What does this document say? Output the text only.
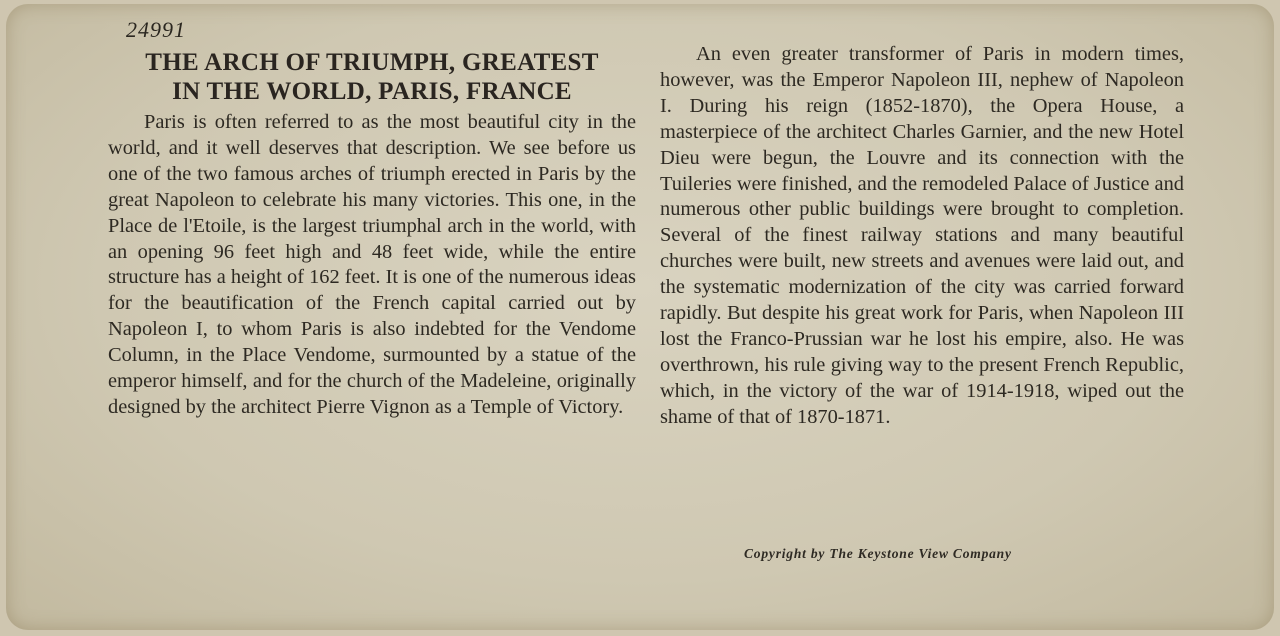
24991
THE ARCH OF TRIUMPH, GREATEST
IN THE WORLD, PARIS, FRANCE

Paris is often referred to as the most beautiful city in the world, and it well deserves that description. We see before us one of the two famous arches of triumph erected in Paris by the great Napoleon to celebrate his many victories. This one, in the Place de l'Etoile, is the largest triumphal arch in the world, with an opening 96 feet high and 48 feet wide, while the entire structure has a height of 162 feet. It is one of the numerous ideas for the beautification of the French capital carried out by Napoleon I, to whom Paris is also indebted for the Vendome Column, in the Place Vendome, surmounted by a statue of the emperor himself, and for the church of the Madeleine, originally designed by the architect Pierre Vignon as a Temple of Victory.

An even greater transformer of Paris in modern times, however, was the Emperor Napoleon III, nephew of Napoleon I. During his reign (1852-1870), the Opera House, a masterpiece of the architect Charles Garnier, and the new Hotel Dieu were begun, the Louvre and its connection with the Tuileries were finished, and the remodeled Palace of Justice and numerous other public buildings were brought to completion. Several of the finest railway stations and many beautiful churches were built, new streets and avenues were laid out, and the systematic modernization of the city was carried forward rapidly. But despite his great work for Paris, when Napoleon III lost the Franco-Prussian war he lost his empire, also. He was overthrown, his rule giving way to the present French Republic, which, in the victory of the war of 1914-1918, wiped out the shame of that of 1870-1871.

Copyright by The Keystone View Company
